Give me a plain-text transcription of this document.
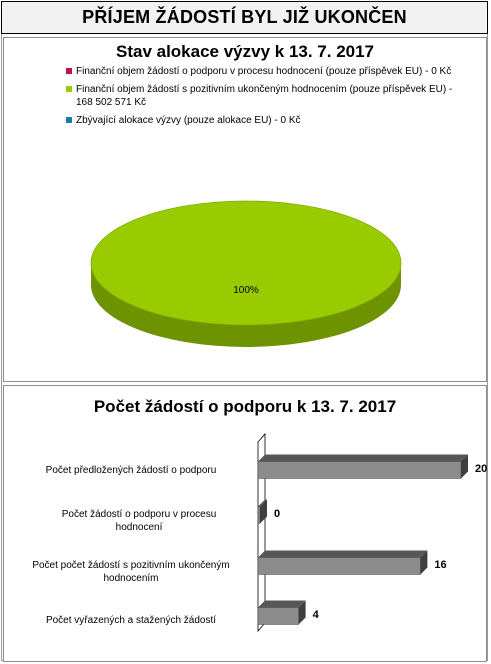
PŘÍJEM ŽÁDOSTÍ BYL JIŽ UKONČEN
Stav alokace výzvy k 13. 7. 2017
Finanční objem žádostí o podporu v procesu hodnocení (pouze příspěvek EU) - 0 Kč
Finanční objem žádostí s pozitivním ukončeným hodnocením (pouze příspěvek EU) - 168 502 571 Kč
Zbývající alokace výzvy (pouze alokace EU) - 0 Kč
100%
Počet žádostí o podporu k 13. 7. 2017
Počet předložených žádostí o podporu
Počet žádostí o podporu v procesu hodnocení
Počet počet žádostí s pozitivním ukončeným hodnocením
Počet vyřazených a stažených žádostí
20
0
16
4
